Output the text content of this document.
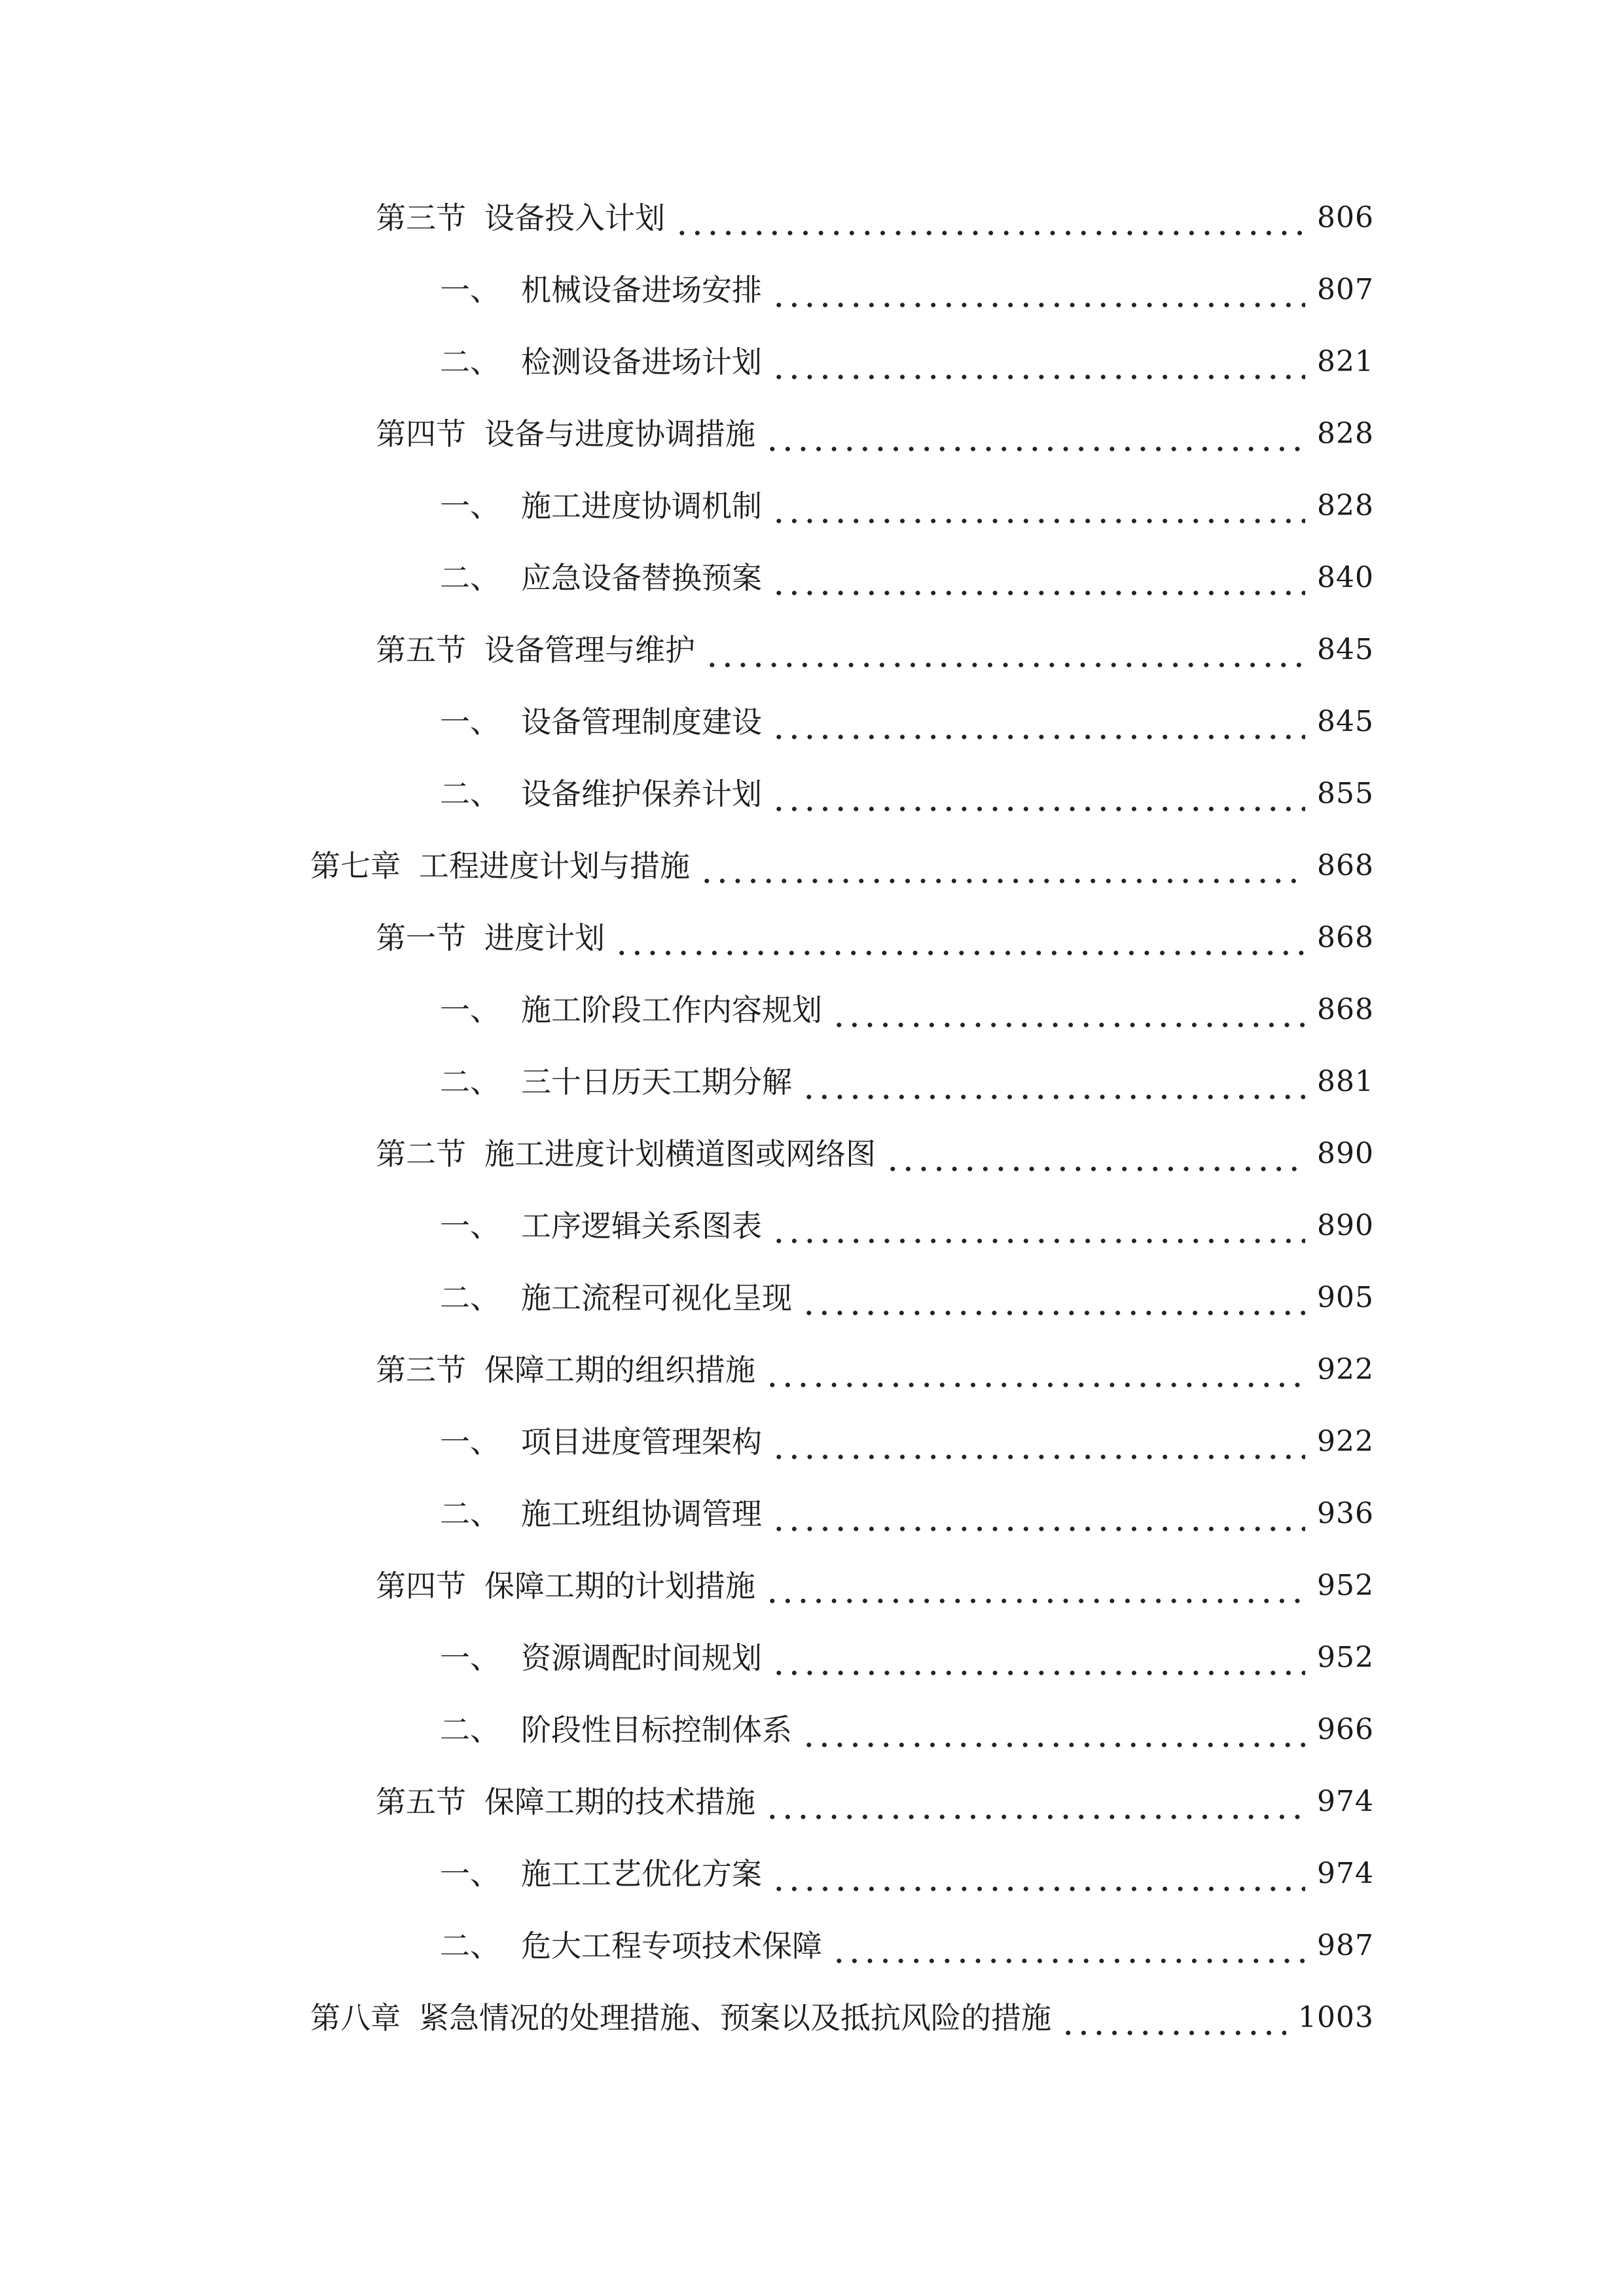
第三节 设备投入计划	806
一、 机械设备进场安排	807
二、 检测设备进场计划	821
第四节 设备与进度协调措施	828
一、 施工进度协调机制	828
二、 应急设备替换预案	840
第五节 设备管理与维护	845
一、 设备管理制度建设	845
二、 设备维护保养计划	855
第七章 工程进度计划与措施	868
第一节 进度计划	868
一、 施工阶段工作内容规划	868
二、 三十日历天工期分解	881
第二节 施工进度计划横道图或网络图	890
一、 工序逻辑关系图表	890
二、 施工流程可视化呈现	905
第三节 保障工期的组织措施	922
一、 项目进度管理架构	922
二、 施工班组协调管理	936
第四节 保障工期的计划措施	952
一、 资源调配时间规划	952
二、 阶段性目标控制体系	966
第五节 保障工期的技术措施	974
一、 施工工艺优化方案	974
二、 危大工程专项技术保障	987
第八章 紧急情况的处理措施、预案以及抵抗风险的措施	1003
